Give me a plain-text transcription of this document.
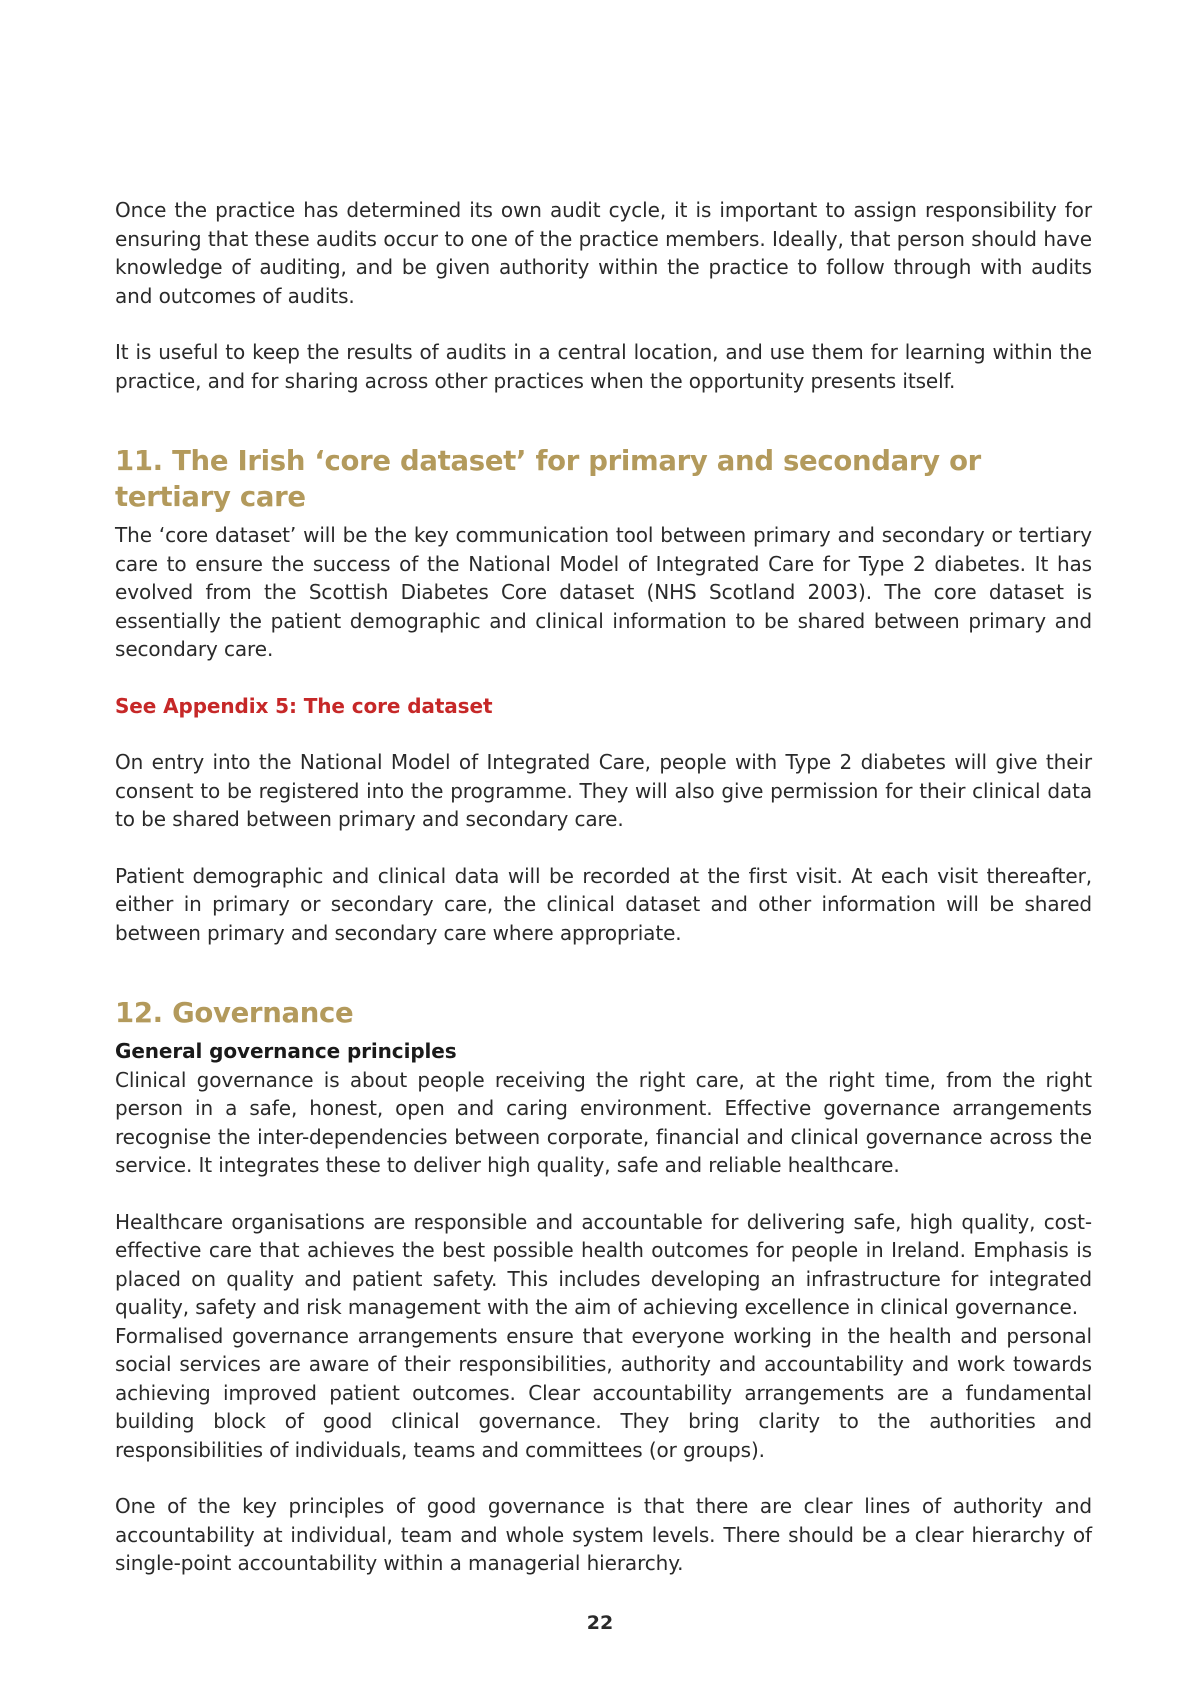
Once the practice has determined its own audit cycle, it is important to assign responsibility for ensuring that these audits occur to one of the practice members. Ideally, that person should have knowledge of auditing, and be given authority within the practice to follow through with audits and outcomes of audits.

It is useful to keep the results of audits in a central location, and use them for learning within the practice, and for sharing across other practices when the opportunity presents itself.

11. The Irish ‘core dataset’ for primary and secondary or tertiary care

The ‘core dataset’ will be the key communication tool between primary and secondary or tertiary care to ensure the success of the National Model of Integrated Care for Type 2 diabetes. It has evolved from the Scottish Diabetes Core dataset (NHS Scotland 2003). The core dataset is essentially the patient demographic and clinical information to be shared between primary and secondary care.

See Appendix 5: The core dataset

On entry into the National Model of Integrated Care, people with Type 2 diabetes will give their consent to be registered into the programme. They will also give permission for their clinical data to be shared between primary and secondary care.

Patient demographic and clinical data will be recorded at the first visit. At each visit thereafter, either in primary or secondary care, the clinical dataset and other information will be shared between primary and secondary care where appropriate.

12. Governance

General governance principles

Clinical governance is about people receiving the right care, at the right time, from the right person in a safe, honest, open and caring environment. Effective governance arrangements recognise the inter-dependencies between corporate, financial and clinical governance across the service. It integrates these to deliver high quality, safe and reliable healthcare.

Healthcare organisations are responsible and accountable for delivering safe, high quality, cost-effective care that achieves the best possible health outcomes for people in Ireland. Emphasis is placed on quality and patient safety. This includes developing an infrastructure for integrated quality, safety and risk management with the aim of achieving excellence in clinical governance.

Formalised governance arrangements ensure that everyone working in the health and personal social services are aware of their responsibilities, authority and accountability and work towards achieving improved patient outcomes. Clear accountability arrangements are a fundamental building block of good clinical governance. They bring clarity to the authorities and responsibilities of individuals, teams and committees (or groups).

One of the key principles of good governance is that there are clear lines of authority and accountability at individual, team and whole system levels. There should be a clear hierarchy of single-point accountability within a managerial hierarchy.

22
